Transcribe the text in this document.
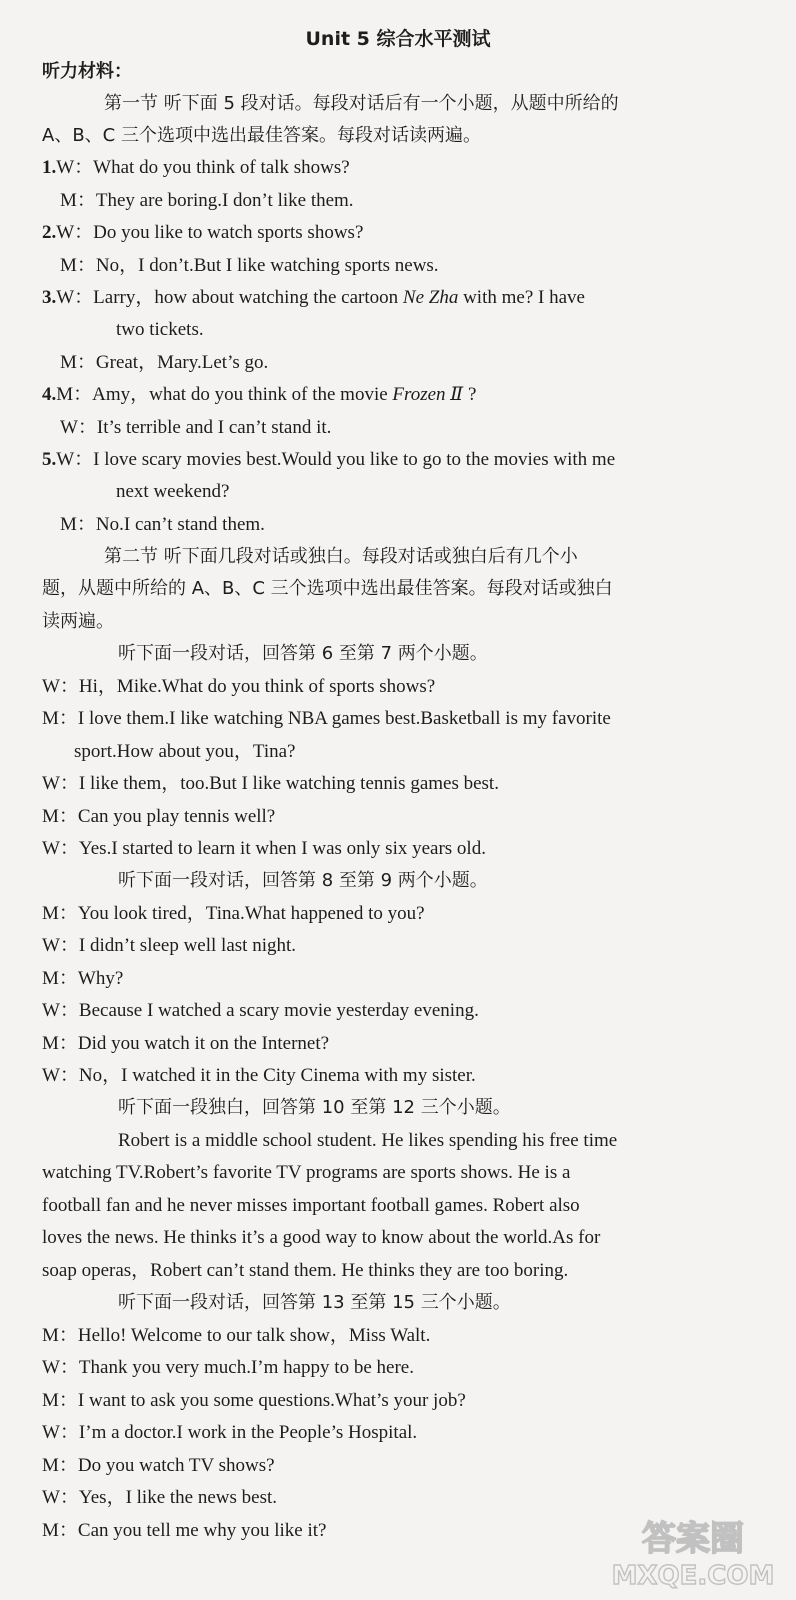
Unit 5 综合水平测试
听力材料：
第一节 听下面 5 段对话。每段对话后有一个小题，从题中所给的
A、B、C 三个选项中选出最佳答案。每段对话读两遍。
1.W：What do you think of talk shows?
M：They are boring.I don’t like them.
2.W：Do you like to watch sports shows?
M：No，I don’t.But I like watching sports news.
3.W：Larry，how about watching the cartoon Ne Zha with me? I have
two tickets.
M：Great，Mary.Let’s go.
4.M：Amy，what do you think of the movie Frozen Ⅱ ?
W：It’s terrible and I can’t stand it.
5.W：I love scary movies best.Would you like to go to the movies with me
next weekend?
M：No.I can’t stand them.
第二节 听下面几段对话或独白。每段对话或独白后有几个小
题，从题中所给的 A、B、C 三个选项中选出最佳答案。每段对话或独白
读两遍。
听下面一段对话，回答第 6 至第 7 两个小题。
W：Hi，Mike.What do you think of sports shows?
M：I love them.I like watching NBA games best.Basketball is my favorite
sport.How about you，Tina?
W：I like them，too.But I like watching tennis games best.
M：Can you play tennis well?
W：Yes.I started to learn it when I was only six years old.
听下面一段对话，回答第 8 至第 9 两个小题。
M：You look tired，Tina.What happened to you?
W：I didn’t sleep well last night.
M：Why?
W：Because I watched a scary movie yesterday evening.
M：Did you watch it on the Internet?
W：No，I watched it in the City Cinema with my sister.
听下面一段独白，回答第 10 至第 12 三个小题。
Robert is a middle school student. He likes spending his free time
watching TV.Robert’s favorite TV programs are sports shows. He is a
football fan and he never misses important football games. Robert also
loves the news. He thinks it’s a good way to know about the world.As for
soap operas，Robert can’t stand them. He thinks they are too boring.
听下面一段对话，回答第 13 至第 15 三个小题。
M：Hello! Welcome to our talk show，Miss Walt.
W：Thank you very much.I’m happy to be here.
M：I want to ask you some questions.What’s your job?
W：I’m a doctor.I work in the People’s Hospital.
M：Do you watch TV shows?
W：Yes，I like the news best.
M：Can you tell me why you like it?	答案圈
MXQE.COM
